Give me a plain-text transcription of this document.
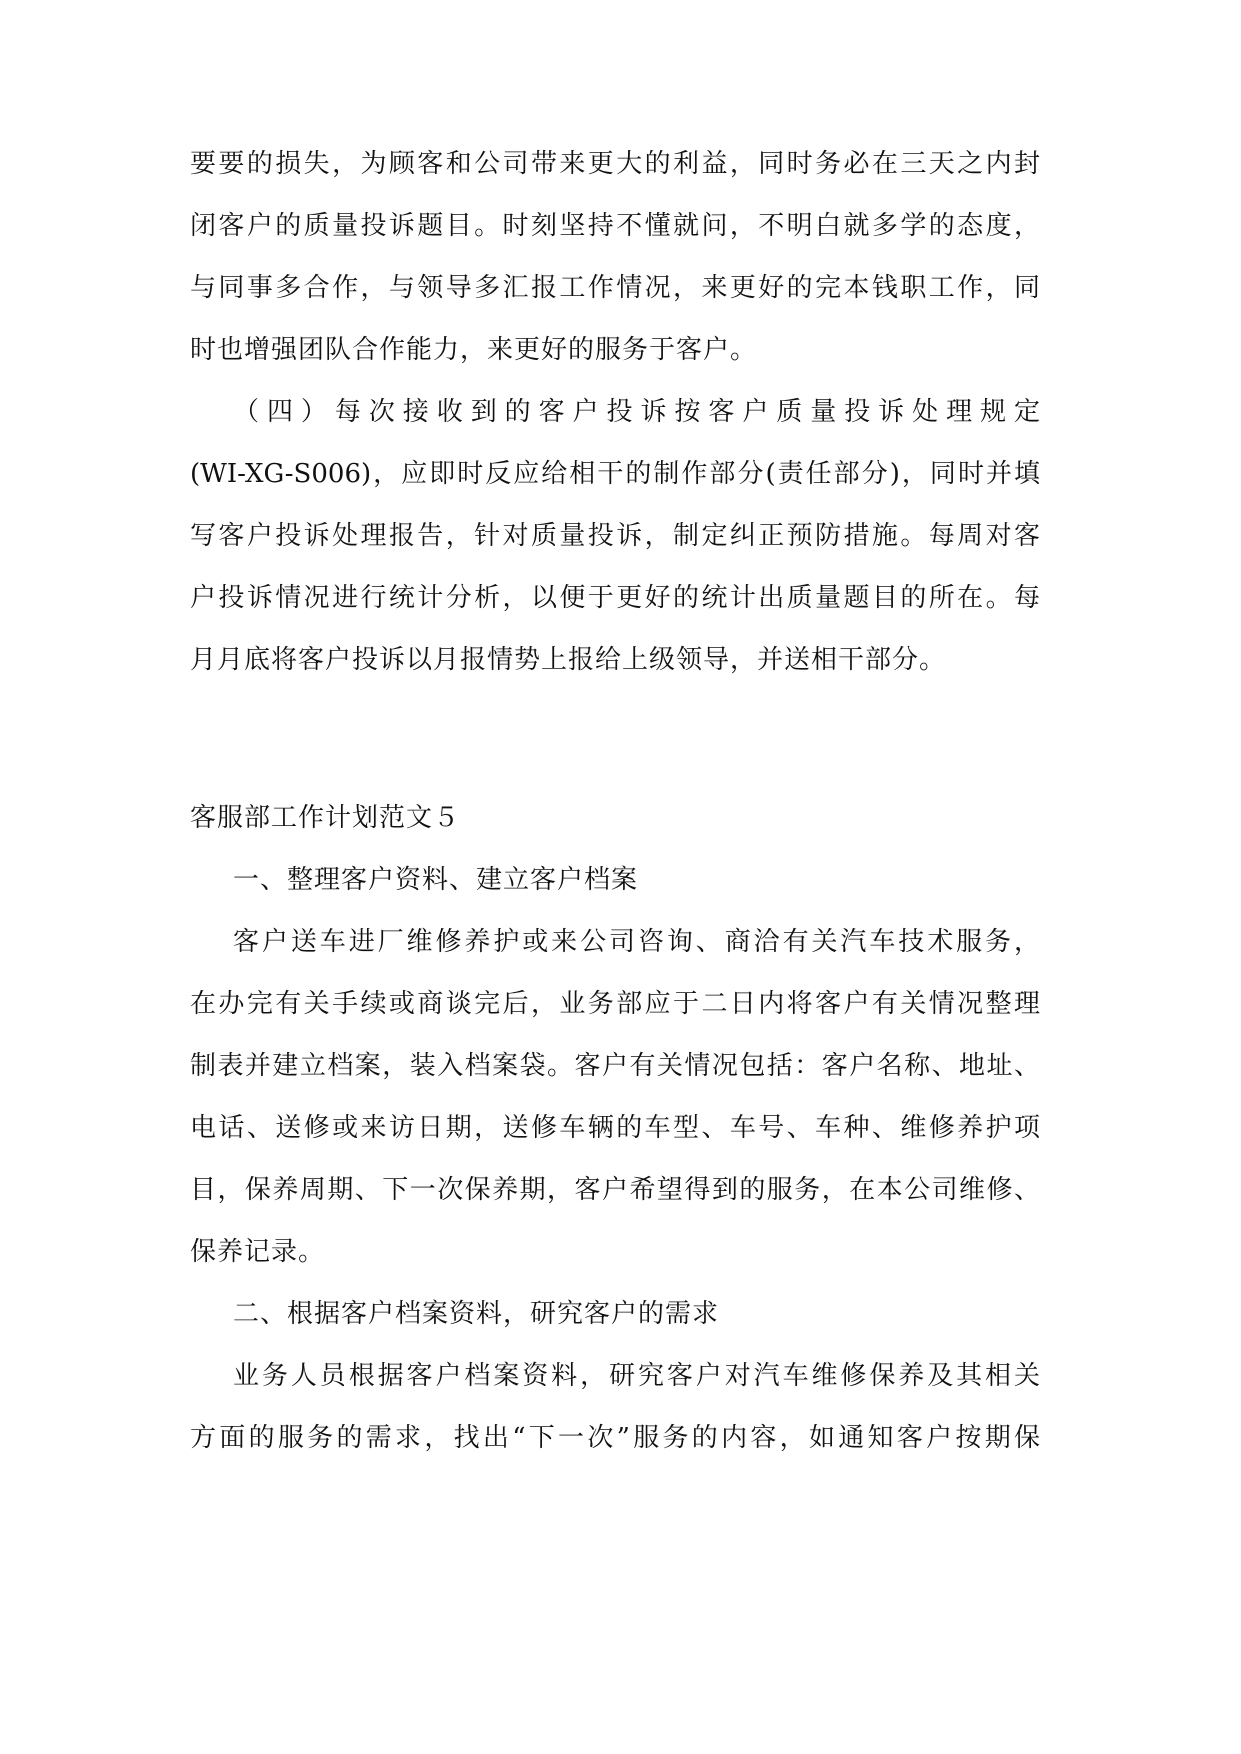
要要的损失，为顾客和公司带来更大的利益，同时务必在三天之内封
闭客户的质量投诉题目。时刻坚持不懂就问，不明白就多学的态度，
与同事多合作，与领导多汇报工作情况，来更好的完本钱职工作，同
时也增强团队合作能力，来更好的服务于客户。
（四）每次接收到的客户投诉按客户质量投诉处理规定
(WI-XG-S006)，应即时反应给相干的制作部分(责任部分)，同时并填
写客户投诉处理报告，针对质量投诉，制定纠正预防措施。每周对客
户投诉情况进行统计分析，以便于更好的统计出质量题目的所在。每
月月底将客户投诉以月报情势上报给上级领导，并送相干部分。
客服部工作计划范文５
一、整理客户资料、建立客户档案
客户送车进厂维修养护或来公司咨询、商洽有关汽车技术服务，
在办完有关手续或商谈完后，业务部应于二日内将客户有关情况整理
制表并建立档案，装入档案袋。客户有关情况包括：客户名称、地址、
电话、送修或来访日期，送修车辆的车型、车号、车种、维修养护项
目，保养周期、下一次保养期，客户希望得到的服务，在本公司维修、
保养记录。
二、根据客户档案资料，研究客户的需求
业务人员根据客户档案资料，研究客户对汽车维修保养及其相关
方面的服务的需求，找出“下一次”服务的内容，如通知客户按期保
